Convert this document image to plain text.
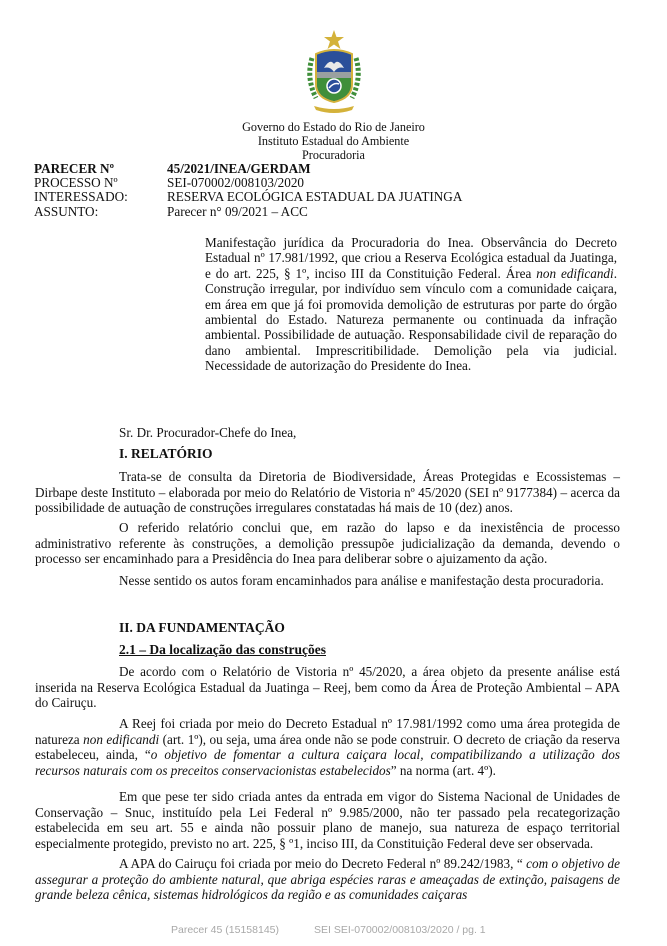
Governo do Estado do Rio de Janeiro
Instituto Estadual do Ambiente
Procuradoria
PARECER Nº	45/2021/INEA/GERDAM
PROCESSO Nº	SEI-070002/008103/2020
INTERESSADO:	RESERVA ECOLÓGICA ESTADUAL DA JUATINGA
ASSUNTO:	Parecer n° 09/2021 – ACC
Manifestação jurídica da Procuradoria do Inea. Observância do Decreto Estadual nº 17.981/1992, que criou a Reserva Ecológica estadual da Juatinga, e do art. 225, § 1º, inciso III da Constituição Federal. Área non edificandi. Construção irregular, por indivíduo sem vínculo com a comunidade caiçara, em área em que já foi promovida demolição de estruturas por parte do órgão ambiental do Estado. Natureza permanente ou continuada da infração ambiental. Possibilidade de autuação. Responsabilidade civil de reparação do dano ambiental. Imprescritibilidade. Demolição pela via judicial. Necessidade de autorização do Presidente do Inea.
Sr. Dr. Procurador-Chefe do Inea,
I. RELATÓRIO
Trata-se de consulta da Diretoria de Biodiversidade, Áreas Protegidas e Ecossistemas – Dirbape deste Instituto – elaborada por meio do Relatório de Vistoria nº 45/2020 (SEI nº 9177384) – acerca da possibilidade de autuação de construções irregulares constatadas há mais de 10 (dez) anos.
O referido relatório conclui que, em razão do lapso e da inexistência de processo administrativo referente às construções, a demolição pressupõe judicialização da demanda, devendo o processo ser encaminhado para a Presidência do Inea para deliberar sobre o ajuizamento da ação.
Nesse sentido os autos foram encaminhados para análise e manifestação desta procuradoria.
II. DA FUNDAMENTAÇÃO
2.1 – Da localização das construções
De acordo com o Relatório de Vistoria nº 45/2020, a área objeto da presente análise está inserida na Reserva Ecológica Estadual da Juatinga – Reej, bem como da Área de Proteção Ambiental – APA do Cairuçu.
A Reej foi criada por meio do Decreto Estadual nº 17.981/1992 como uma área protegida de natureza non edificandi (art. 1º), ou seja, uma área onde não se pode construir. O decreto de criação da reserva estabeleceu, ainda, “o objetivo de fomentar a cultura caiçara local, compatibilizando a utilização dos recursos naturais com os preceitos conservacionistas estabelecidos” na norma (art. 4º).
Em que pese ter sido criada antes da entrada em vigor do Sistema Nacional de Unidades de Conservação – Snuc, instituído pela Lei Federal nº 9.985/2000, não ter passado pela recategorização estabelecida em seu art. 55 e ainda não possuir plano de manejo, sua natureza de espaço territorial especialmente protegido, previsto no art. 225, § º1, inciso III, da Constituição Federal deve ser observada.
A APA do Cairuçu foi criada por meio do Decreto Federal nº 89.242/1983, “ com o objetivo de assegurar a proteção do ambiente natural, que abriga espécies raras e ameaçadas de extinção, paisagens de grande beleza cênica, sistemas hidrológicos da região e as comunidades caiçaras
Parecer 45 (15158145)	SEI SEI-070002/008103/2020 / pg. 1
